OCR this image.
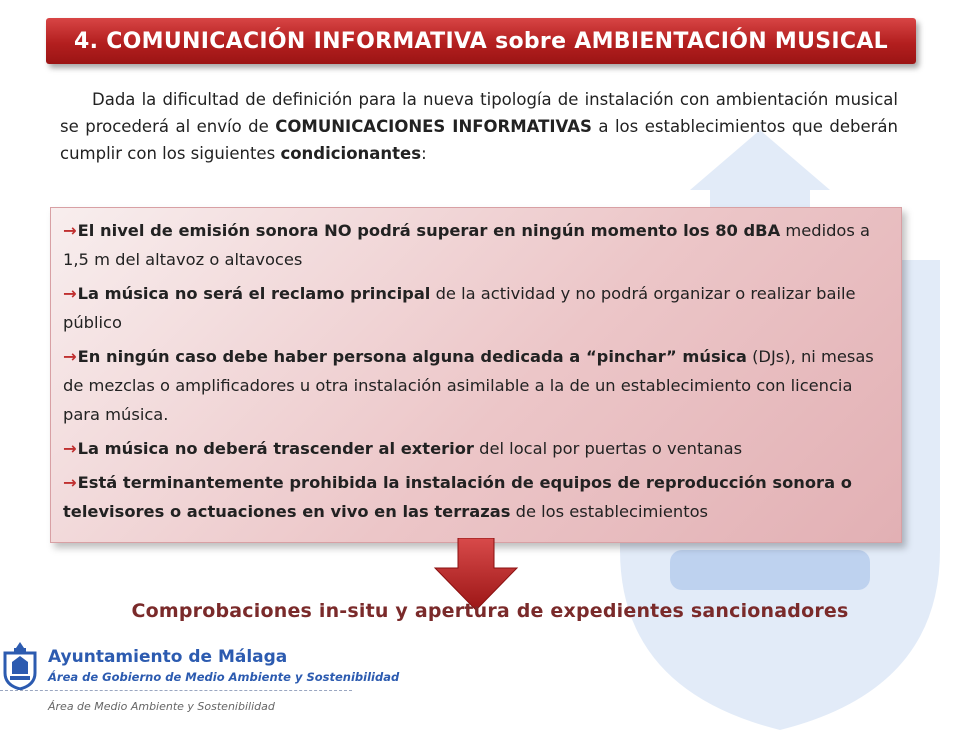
4. COMUNICACIÓN INFORMATIVA sobre AMBIENTACIÓN MUSICAL
Dada la dificultad de definición para la nueva tipología de instalación con ambientación musical se procederá al envío de COMUNICACIONES INFORMATIVAS a los establecimientos que deberán cumplir con los siguientes condicionantes:
→El nivel de emisión sonora NO podrá superar en ningún momento los 80 dBA medidos a 1,5 m del altavoz o altavoces
→La música no será el reclamo principal de la actividad y no podrá organizar o realizar baile público
→En ningún caso debe haber persona alguna dedicada a “pinchar” música (DJs), ni mesas de mezclas o amplificadores u otra instalación asimilable a la de un establecimiento con licencia para música.
→La música no deberá trascender al exterior del local por puertas o ventanas
→Está terminantemente prohibida la instalación de equipos de reproducción sonora o televisores o actuaciones en vivo en las terrazas de los establecimientos
Comprobaciones in-situ y apertura de expedientes sancionadores
Ayuntamiento de Málaga
Área de Gobierno de Medio Ambiente y Sostenibilidad
Área de Medio Ambiente y Sostenibilidad
